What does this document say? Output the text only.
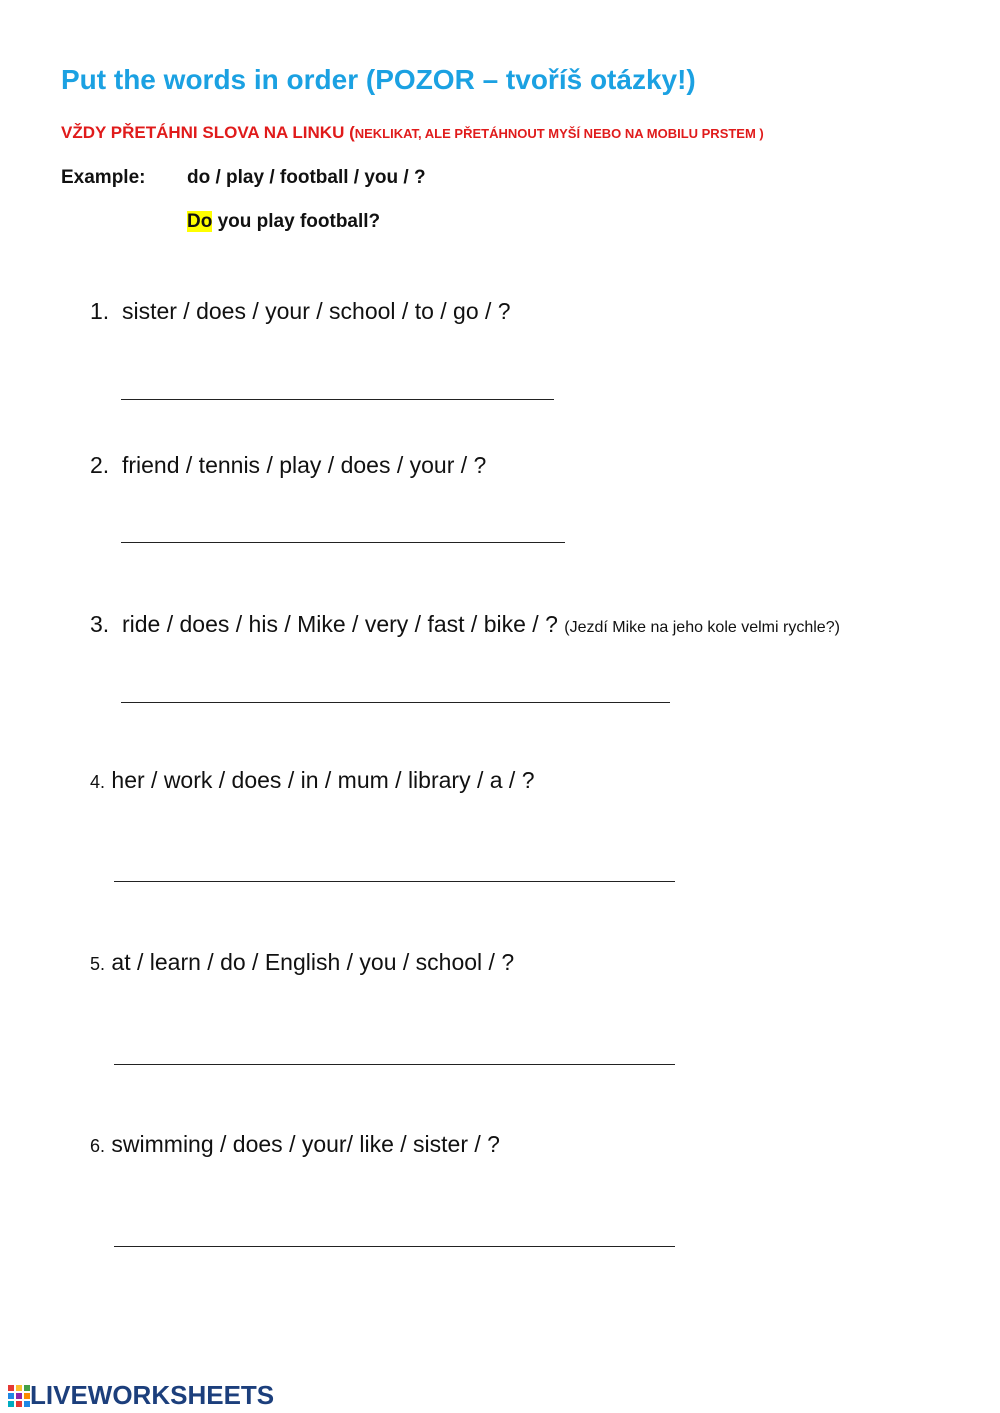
Put the words in order (POZOR – tvoříš otázky!)
VŽDY PŘETÁHNI SLOVA NA LINKU (NEKLIKAT, ALE PŘETÁHNOUT MYŠÍ NEBO NA MOBILU PRSTEM )
Example: do / play / football / you / ?
Do you play football?
1. sister / does / your / school / to / go / ?
2. friend / tennis / play / does / your / ?
3. ride / does / his / Mike / very / fast / bike / ? (Jezdí Mike na jeho kole velmi rychle?)
4. her / work / does / in / mum / library / a / ?
5. at / learn / do / English / you / school / ?
6. swimming / does / your/ like / sister / ?
LIVEWORKSHEETS
